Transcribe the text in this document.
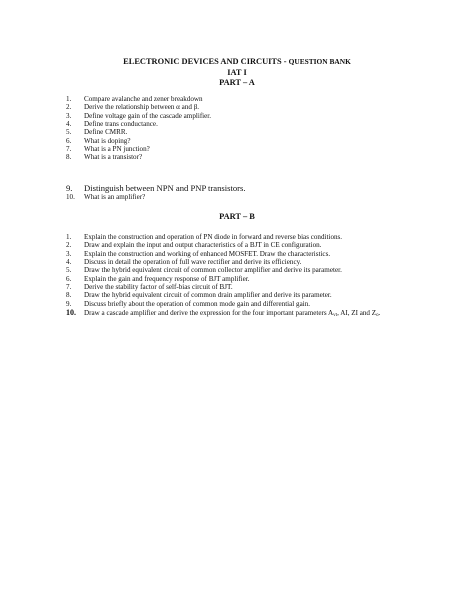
ELECTRONIC DEVICES AND CIRCUITS - QUESTION BANK
IAT I
PART – A
1.	Compare avalanche and zener breakdown
2.	Derive the relationship between α and β.
3.	Define voltage gain of the cascade amplifier.
4.	Define trans conductance.
5.	Define CMRR.
6.	What is doping?
7.	What is a PN junction?
8.	What is a transistor?
9.	Distinguish between NPN and PNP transistors.
10.	What is an amplifier?
PART – B
1.	Explain the construction and operation of PN diode in forward and reverse bias conditions.
2.	Draw and explain the input and output characteristics of a BJT in CE configuration.
3.	Explain the construction and working of enhanced MOSFET. Draw the characteristics.
4.	Discuss in detail the operation of full wave rectifier and derive its efficiency.
5.	Draw the hybrid equivalent circuit of common collector amplifier and derive its parameter.
6.	Explain the gain and frequency response of BJT amplifier.
7.	Derive the stability factor of self-bias circuit of BJT.
8.	Draw the hybrid equivalent circuit of common drain amplifier and derive its parameter.
9.	Discuss briefly about the operation of common mode gain and differential gain.
10.	Draw a cascade amplifier and derive the expression for the four important parameters $A_{vt}$, AI, ZI and $Z_o$.
